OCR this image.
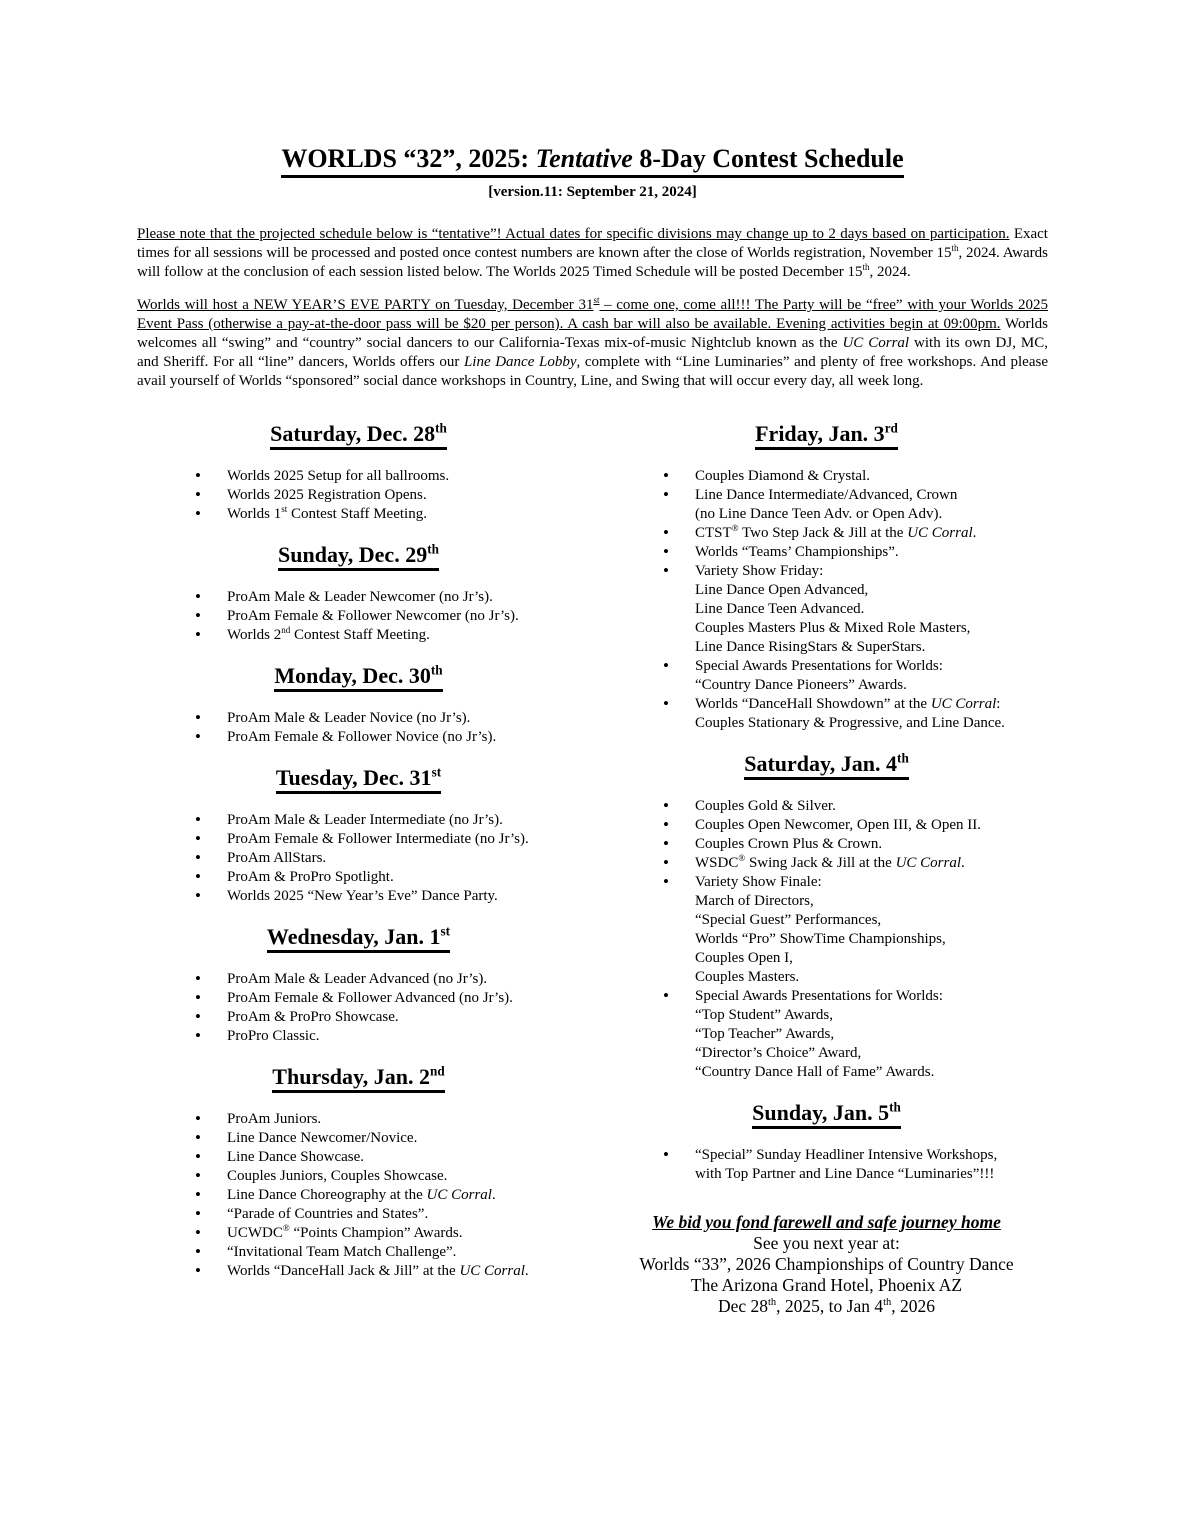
WORLDS “32”, 2025: Tentative 8-Day Contest Schedule
[version.11: September 21, 2024]

Please note that the projected schedule below is “tentative”! Actual dates for specific divisions may change up to 2 days based on participation. Exact times for all sessions will be processed and posted once contest numbers are known after the close of Worlds registration, November 15th, 2024. Awards will follow at the conclusion of each session listed below. The Worlds 2025 Timed Schedule will be posted December 15th, 2024.

Worlds will host a NEW YEAR’S EVE PARTY on Tuesday, December 31st – come one, come all!!! The Party will be “free” with your Worlds 2025 Event Pass (otherwise a pay-at-the-door pass will be $20 per person). A cash bar will also be available. Evening activities begin at 09:00pm. Worlds welcomes all “swing” and “country” social dancers to our California-Texas mix-of-music Nightclub known as the UC Corral with its own DJ, MC, and Sheriff. For all “line” dancers, Worlds offers our Line Dance Lobby, complete with “Line Luminaries” and plenty of free workshops. And please avail yourself of Worlds “sponsored” social dance workshops in Country, Line, and Swing that will occur every day, all week long.

Saturday, Dec. 28th
• Worlds 2025 Setup for all ballrooms.
• Worlds 2025 Registration Opens.
• Worlds 1st Contest Staff Meeting.
Sunday, Dec. 29th
• ProAm Male & Leader Newcomer (no Jr’s).
• ProAm Female & Follower Newcomer (no Jr’s).
• Worlds 2nd Contest Staff Meeting.
Monday, Dec. 30th
• ProAm Male & Leader Novice (no Jr’s).
• ProAm Female & Follower Novice (no Jr’s).
Tuesday, Dec. 31st
• ProAm Male & Leader Intermediate (no Jr’s).
• ProAm Female & Follower Intermediate (no Jr’s).
• ProAm AllStars.
• ProAm & ProPro Spotlight.
• Worlds 2025 “New Year’s Eve” Dance Party.
Wednesday, Jan. 1st
• ProAm Male & Leader Advanced (no Jr’s).
• ProAm Female & Follower Advanced (no Jr’s).
• ProAm & ProPro Showcase.
• ProPro Classic.
Thursday, Jan. 2nd
• ProAm Juniors.
• Line Dance Newcomer/Novice.
• Line Dance Showcase.
• Couples Juniors, Couples Showcase.
• Line Dance Choreography at the UC Corral.
• “Parade of Countries and States”.
• UCWDC® “Points Champion” Awards.
• “Invitational Team Match Challenge”.
• Worlds “DanceHall Jack & Jill” at the UC Corral.
Friday, Jan. 3rd
• Couples Diamond & Crystal.
• Line Dance Intermediate/Advanced, Crown
(no Line Dance Teen Adv. or Open Adv).
• CTST® Two Step Jack & Jill at the UC Corral.
• Worlds “Teams’ Championships”.
• Variety Show Friday:
Line Dance Open Advanced,
Line Dance Teen Advanced.
Couples Masters Plus & Mixed Role Masters,
Line Dance RisingStars & SuperStars.
• Special Awards Presentations for Worlds:
“Country Dance Pioneers” Awards.
• Worlds “DanceHall Showdown” at the UC Corral:
Couples Stationary & Progressive, and Line Dance.
Saturday, Jan. 4th
• Couples Gold & Silver.
• Couples Open Newcomer, Open III, & Open II.
• Couples Crown Plus & Crown.
• WSDC® Swing Jack & Jill at the UC Corral.
• Variety Show Finale:
March of Directors,
“Special Guest” Performances,
Worlds “Pro” ShowTime Championships,
Couples Open I,
Couples Masters.
• Special Awards Presentations for Worlds:
“Top Student” Awards,
“Top Teacher” Awards,
“Director’s Choice” Award,
“Country Dance Hall of Fame” Awards.
Sunday, Jan. 5th
• “Special” Sunday Headliner Intensive Workshops,
with Top Partner and Line Dance “Luminaries”!!!
We bid you fond farewell and safe journey home
See you next year at:
Worlds “33”, 2026 Championships of Country Dance
The Arizona Grand Hotel, Phoenix AZ
Dec 28th, 2025, to Jan 4th, 2026
